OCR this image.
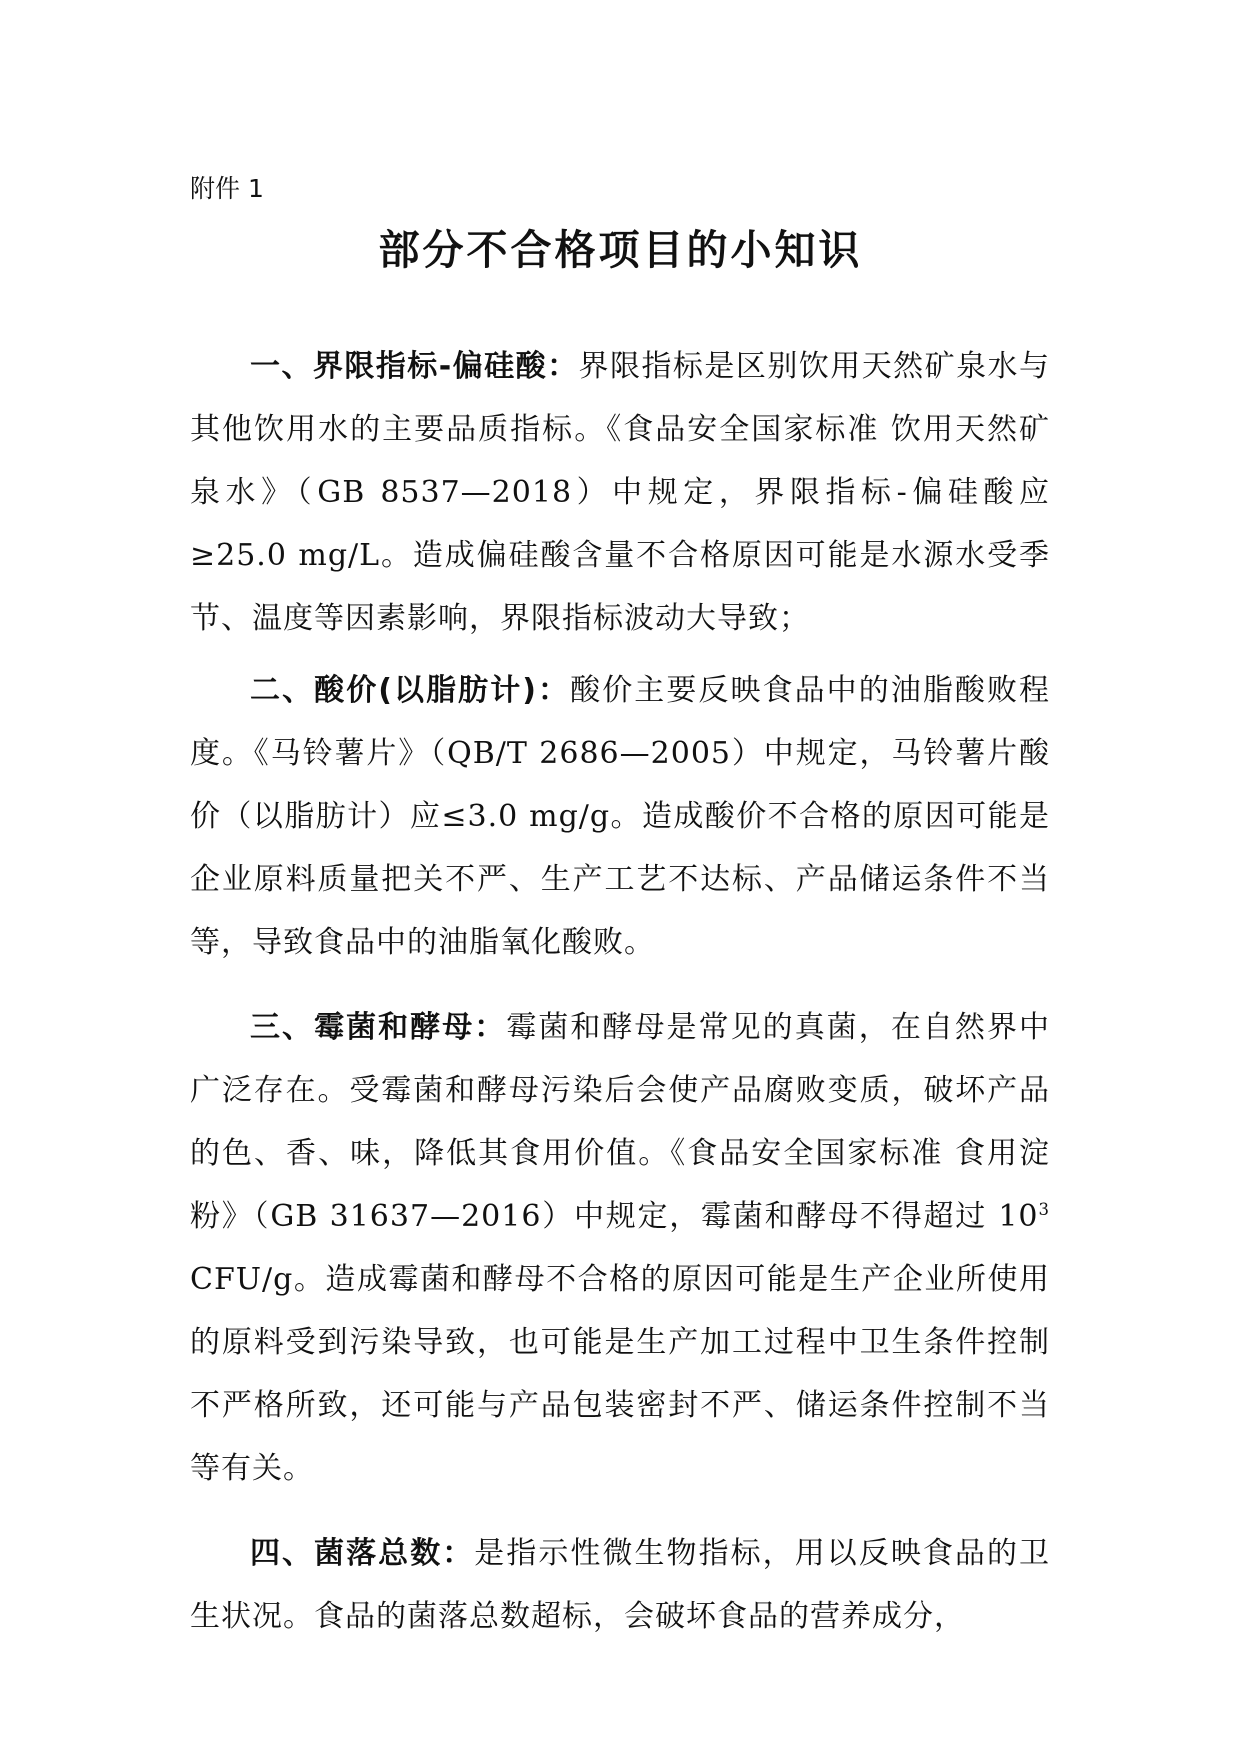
附件 1

部分不合格项目的小知识

一、界限指标-偏硅酸：界限指标是区别饮用天然矿泉水与其他饮用水的主要品质指标。《食品安全国家标准 饮用天然矿泉水》（GB 8537—2018）中规定，界限指标-偏硅酸应≥25.0 mg/L。造成偏硅酸含量不合格原因可能是水源水受季节、温度等因素影响，界限指标波动大导致；

二、酸价(以脂肪计)：酸价主要反映食品中的油脂酸败程度。《马铃薯片》（QB/T 2686—2005）中规定，马铃薯片酸价（以脂肪计）应≤3.0 mg/g。造成酸价不合格的原因可能是企业原料质量把关不严、生产工艺不达标、产品储运条件不当等，导致食品中的油脂氧化酸败。

三、霉菌和酵母：霉菌和酵母是常见的真菌，在自然界中广泛存在。受霉菌和酵母污染后会使产品腐败变质，破坏产品的色、香、味，降低其食用价值。《食品安全国家标准 食用淀粉》（GB 31637—2016）中规定，霉菌和酵母不得超过 $10^3$ CFU/g。造成霉菌和酵母不合格的原因可能是生产企业所使用的原料受到污染导致，也可能是生产加工过程中卫生条件控制不严格所致，还可能与产品包装密封不严、储运条件控制不当等有关。

四、菌落总数：是指示性微生物指标，用以反映食品的卫生状况。食品的菌落总数超标，会破坏食品的营养成分，
